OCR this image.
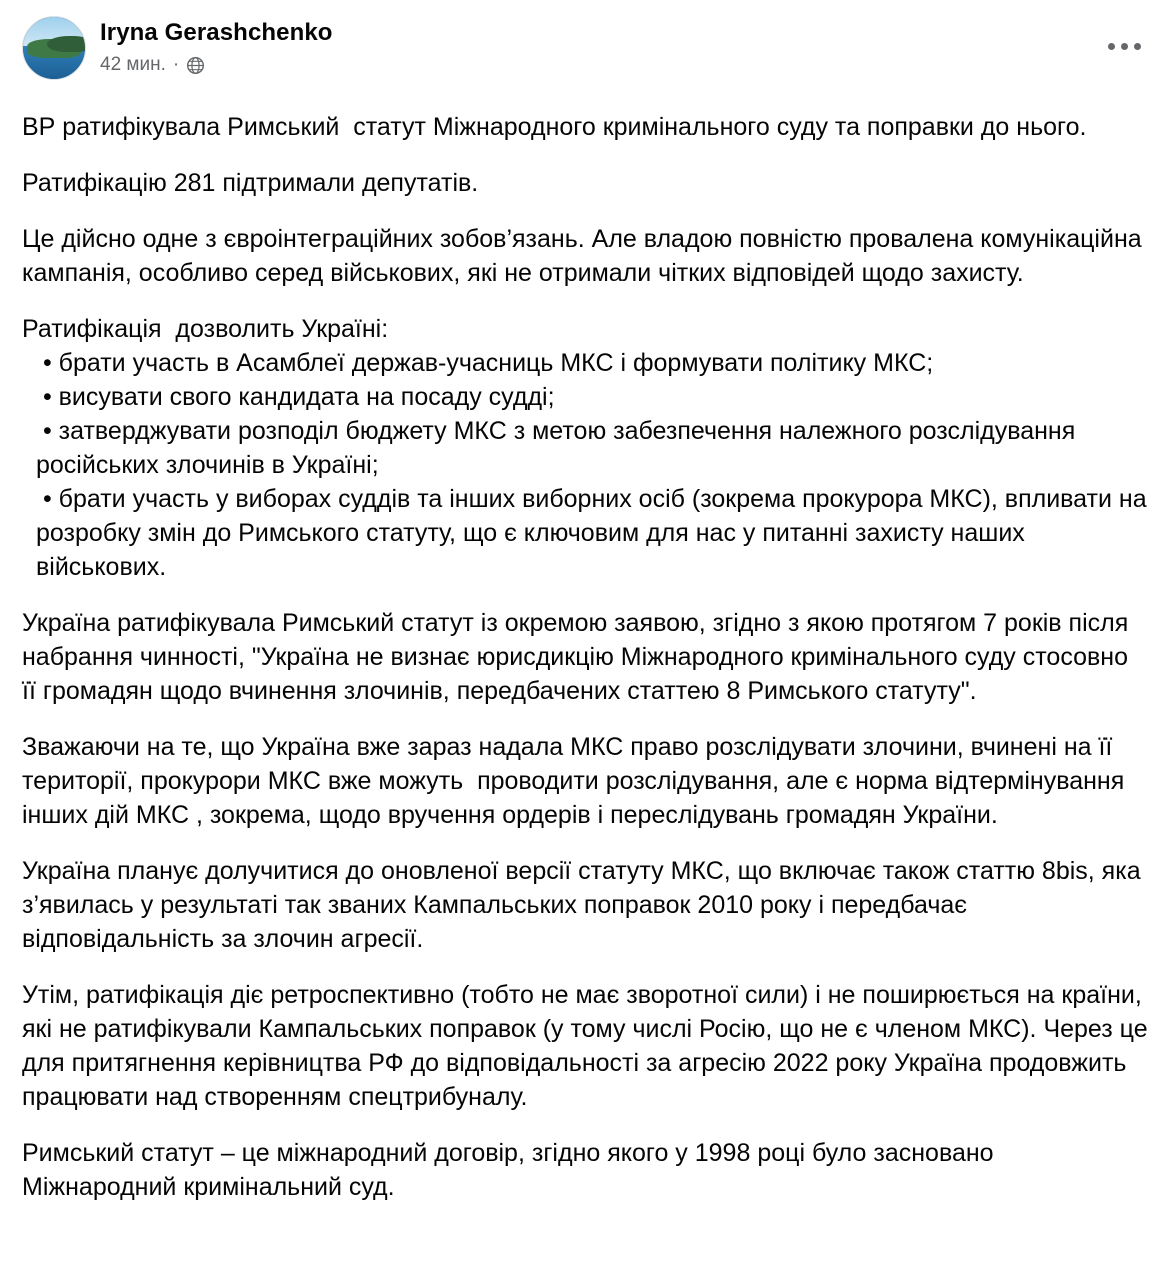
Iryna Gerashchenko
42 мин. ·

ВР ратифікувала Римський  статут Міжнародного кримінального суду та поправки до нього.

Ратифікацію 281 підтримали депутатів.

Це дійсно одне з євроінтеграційних зобов’язань. Але владою повністю провалена комунікаційна кампанія, особливо серед військових, які не отримали чітких відповідей щодо захисту.

Ратифікація  дозволить Україні:

• брати участь в Асамблеї держав-учасниць МКС і формувати політику МКС;

• висувати свого кандидата на посаду судді;

• затверджувати розподіл бюджету МКС з метою забезпечення належного розслідування російських злочинів в Україні;

• брати участь у виборах суддів та інших виборних осіб (зокрема прокурора МКС), впливати на розробку змін до Римського статуту, що є ключовим для нас у питанні захисту наших військових.

Україна ратифікувала Римський статут із окремою заявою, згідно з якою протягом 7 років після набрання чинності, "Україна не визнає юрисдикцію Міжнародного кримінального суду стосовно її громадян щодо вчинення злочинів, передбачених статтею 8 Римського статуту".

Зважаючи на те, що Україна вже зараз надала МКС право розслідувати злочини, вчинені на її території, прокурори МКС вже можуть  проводити розслідування, але є норма відтермінування інших дій МКС , зокрема, щодо вручення ордерів і переслідувань громадян України.

Україна планує долучитися до оновленої версії статуту МКС, що включає також статтю 8bis, яка з’явилась у результаті так званих Кампальських поправок 2010 року і передбачає відповідальність за злочин агресії.

Утім, ратифікація діє ретроспективно (тобто не має зворотної сили) і не поширюється на країни, які не ратифікували Кампальських поправок (у тому числі Росію, що не є членом МКС). Через це для притягнення керівництва РФ до відповідальності за агресію 2022 року Україна продовжить працювати над створенням спецтрибуналу.

Римський статут – це міжнародний договір, згідно якого у 1998 році було засновано Міжнародний кримінальний суд.
